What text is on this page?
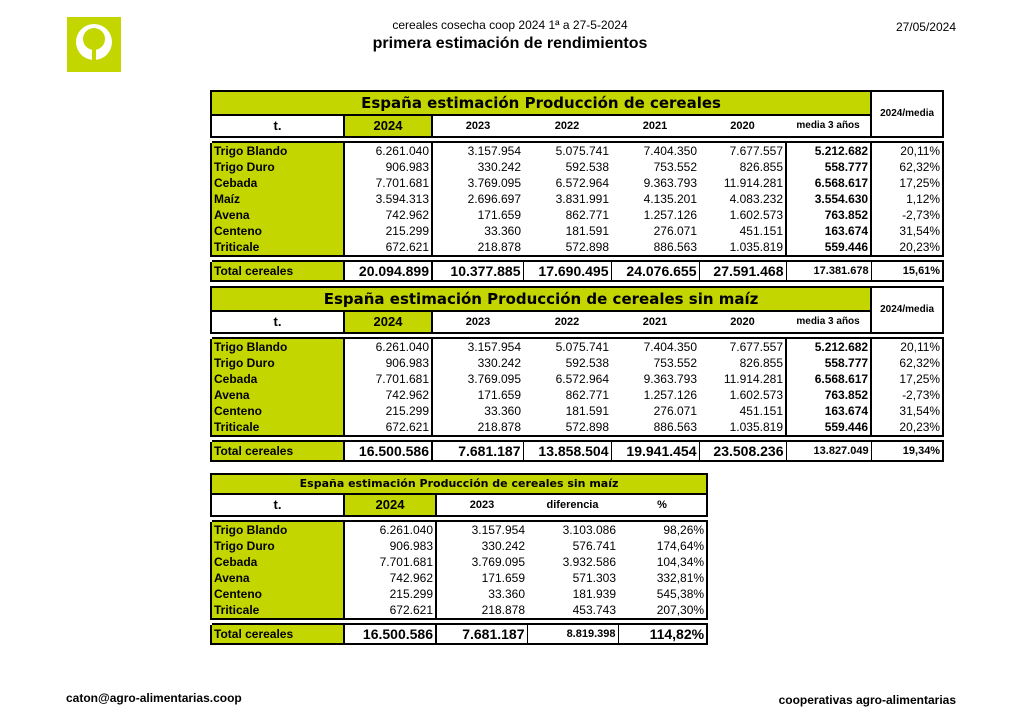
cereales cosecha coop 2024 1ª a 27-5-2024
primera estimación de rendimientos
27/05/2024
España estimación Producción de cereales							2024/media
t.	2024	2023	2022	2021	2020	media 3 años	

Trigo Blando	6.261.040	3.157.954	5.075.741	7.404.350	7.677.557	5.212.682	20,11%
Trigo Duro	906.983	330.242	592.538	753.552	826.855	558.777	62,32%
Cebada	7.701.681	3.769.095	6.572.964	9.363.793	11.914.281	6.568.617	17,25%
Maíz	3.594.313	2.696.697	3.831.991	4.135.201	4.083.232	3.554.630	1,12%
Avena	742.962	171.659	862.771	1.257.126	1.602.573	763.852	-2,73%
Centeno	215.299	33.360	181.591	276.071	451.151	163.674	31,54%
Triticale	672.621	218.878	572.898	886.563	1.035.819	559.446	20,23%

Total cereales	20.094.899	10.377.885	17.690.495	24.076.655	27.591.468	17.381.678	15,61%
España estimación Producción de cereales sin maíz							2024/media
t.	2024	2023	2022	2021	2020	media 3 años	

Trigo Blando	6.261.040	3.157.954	5.075.741	7.404.350	7.677.557	5.212.682	20,11%
Trigo Duro	906.983	330.242	592.538	753.552	826.855	558.777	62,32%
Cebada	7.701.681	3.769.095	6.572.964	9.363.793	11.914.281	6.568.617	17,25%
Avena	742.962	171.659	862.771	1.257.126	1.602.573	763.852	-2,73%
Centeno	215.299	33.360	181.591	276.071	451.151	163.674	31,54%
Triticale	672.621	218.878	572.898	886.563	1.035.819	559.446	20,23%

Total cereales	16.500.586	7.681.187	13.858.504	19.941.454	23.508.236	13.827.049	19,34%
España estimación Producción de cereales sin maíz				
t.	2024	2023	diferencia	%

Trigo Blando	6.261.040	3.157.954	3.103.086	98,26%
Trigo Duro	906.983	330.242	576.741	174,64%
Cebada	7.701.681	3.769.095	3.932.586	104,34%
Avena	742.962	171.659	571.303	332,81%
Centeno	215.299	33.360	181.939	545,38%
Triticale	672.621	218.878	453.743	207,30%

Total cereales	16.500.586	7.681.187	8.819.398	114,82%
caton@agro-alimentarias.coop	cooperativas agro-alimentarias
